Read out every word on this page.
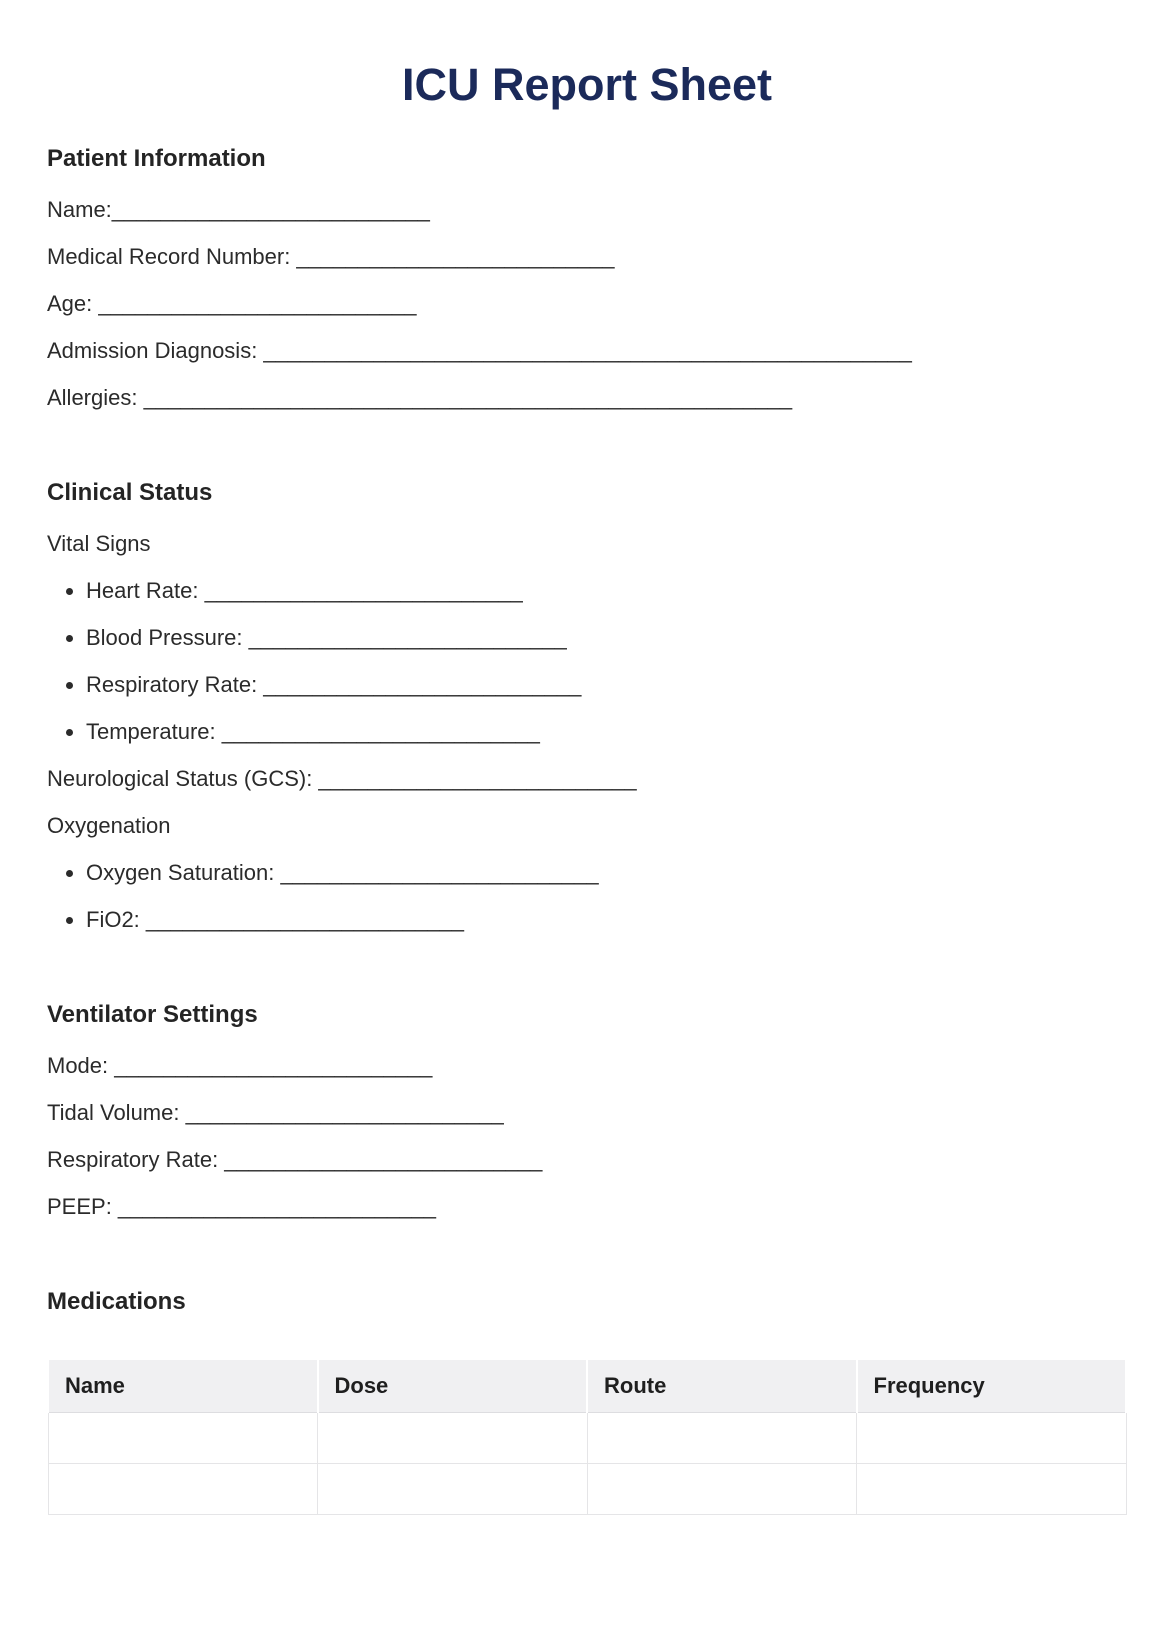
ICU Report Sheet
Patient Information

Name:__________________________

Medical Record Number: __________________________

Age: __________________________

Admission Diagnosis: _____________________________________________________

Allergies: _____________________________________________________

Clinical Status

Vital Signs

• Heart Rate: __________________________
• Blood Pressure: __________________________
• Respiratory Rate: __________________________
• Temperature: __________________________

Neurological Status (GCS): __________________________

Oxygenation

• Oxygen Saturation: __________________________
• FiO2: __________________________
Ventilator Settings

Mode: __________________________

Tidal Volume: __________________________

Respiratory Rate: __________________________

PEEP: __________________________

Medications
Name	Dose	Route	Frequency
